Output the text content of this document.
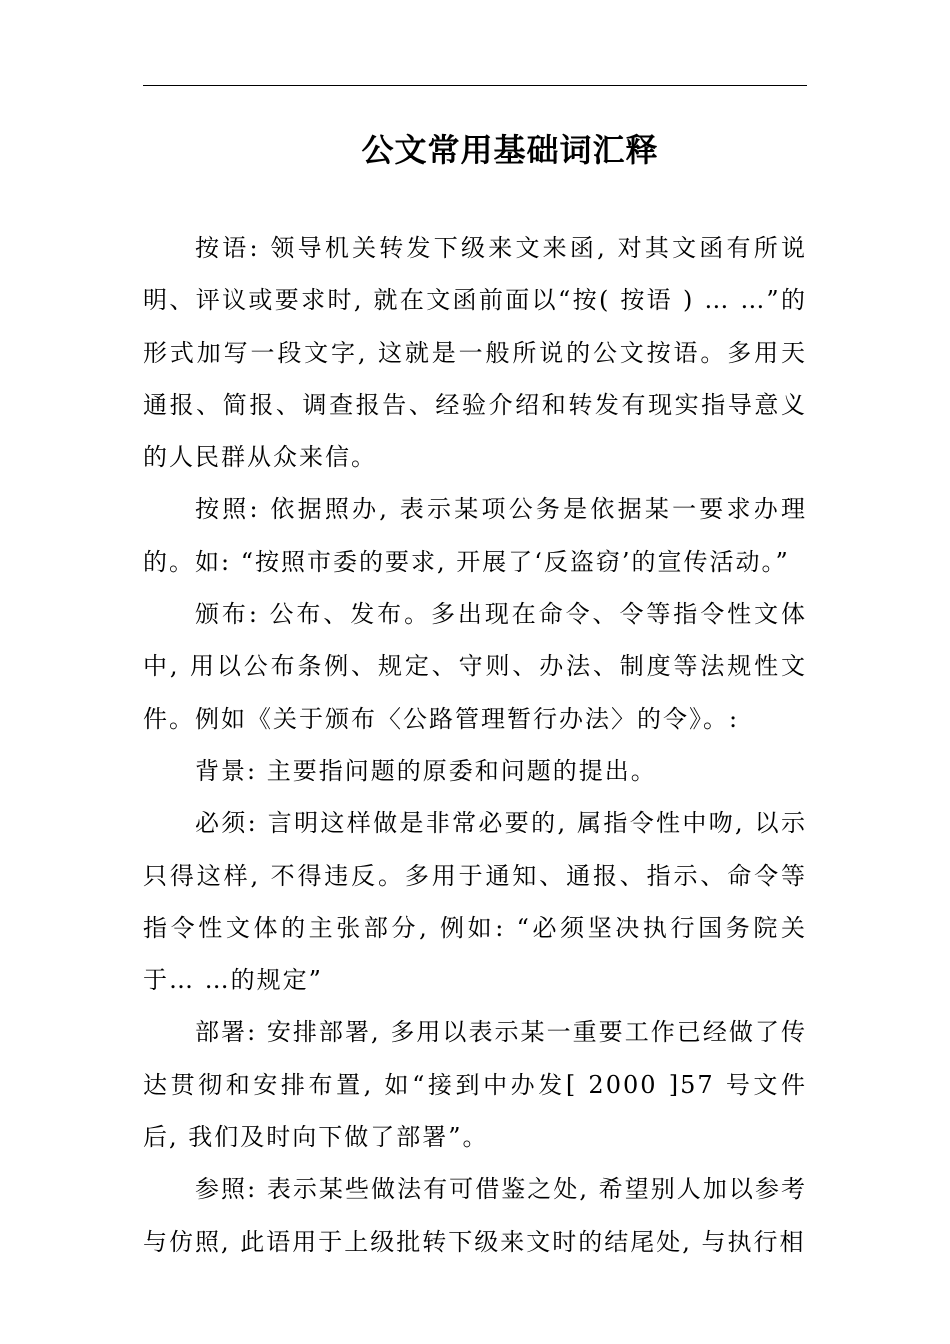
公文常用基础词汇释

按语: 领导机关转发下级来文来函, 对其文函有所说明、评议或要求时, 就在文函前面以“按( 按语 ) … …”的形式加写一段文字, 这就是一般所说的公文按语。多用天通报、简报、调查报告、经验介绍和转发有现实指导意义的人民群从众来信。

按照: 依据照办, 表示某项公务是依据某一要求办理的。如: “按照市委的要求, 开展了‘反盗窃’的宣传活动。”

颁布: 公布、发布。多出现在命令、令等指令性文体中, 用以公布条例、规定、守则、办法、制度等法规性文件。例如《关于颁布〈公路管理暂行办法〉的令》。:

背景: 主要指问题的原委和问题的提出。

必须: 言明这样做是非常必要的, 属指令性中吻, 以示只得这样, 不得违反。多用于通知、通报、指示、命令等指令性文体的主张部分, 例如: “必须坚决执行国务院关于… …的规定”

部署: 安排部署, 多用以表示某一重要工作已经做了传达贯彻和安排布置, 如“接到中办发[ 2000 ]57 号文件后, 我们及时向下做了部署”。

参照: 表示某些做法有可借鉴之处, 希望别人加以参考与仿照, 此语用于上级批转下级来文时的结尾处, 与执行相
